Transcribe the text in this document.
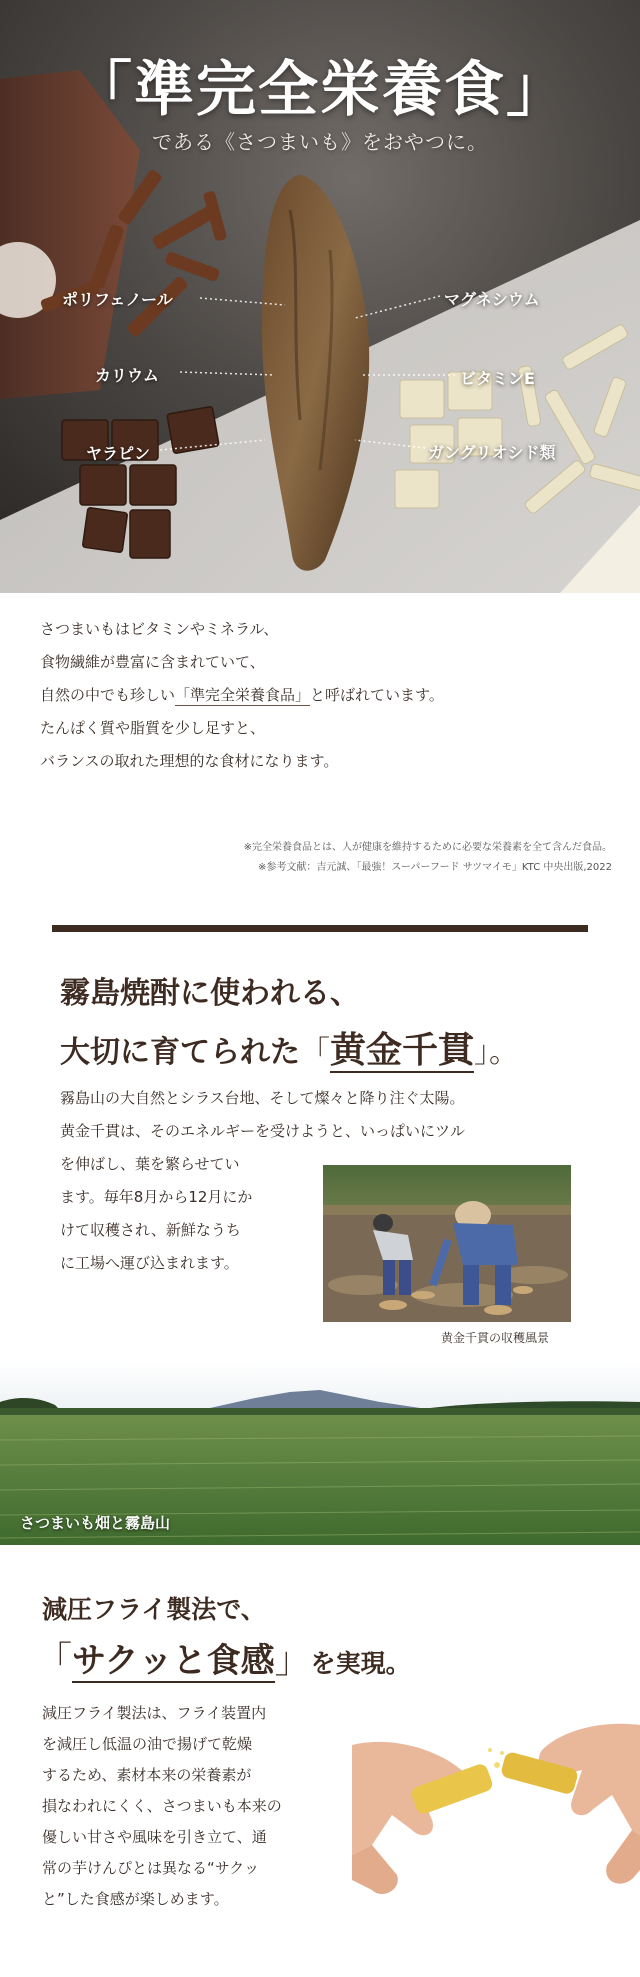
「準完全栄養食」
である《さつまいも》をおやつに。
ポリフェノール
カリウム
ヤラピン
マグネシウム
ビタミンE
ガングリオシド類

さつまいもはビタミンやミネラル、

食物繊維が豊富に含まれていて、

自然の中でも珍しい「準完全栄養食品」と呼ばれています。

たんぱく質や脂質を少し足すと、

バランスの取れた理想的な食材になります。

※完全栄養食品とは、人が健康を維持するために必要な栄養素を全て含んだ食品。
※参考文献：吉元誠、「最強！スーパーフード サツマイモ」KTC 中央出版,2022
霧島焼酎に使われる、
大切に育てられた「黄金千貫」。

霧島山の大自然とシラス台地、そして燦々と降り注ぐ太陽。

黄金千貫は、そのエネルギーを受けようと、いっぱいにツル

を伸ばし、葉を繁らせてい

ます。毎年8月から12月にか

けて収穫され、新鮮なうち

に工場へ運び込まれます。

黄金千貫の収穫風景
さつまいも畑と霧島山
減圧フライ製法で、
「サクッと食感」を実現。

減圧フライ製法は、フライ装置内

を減圧し低温の油で揚げて乾燥

するため、素材本来の栄養素が

損なわれにくく、さつまいも本来の

優しい甘さや風味を引き立て、通

常の芋けんぴとは異なる“サクッ

と”した食感が楽しめます。
